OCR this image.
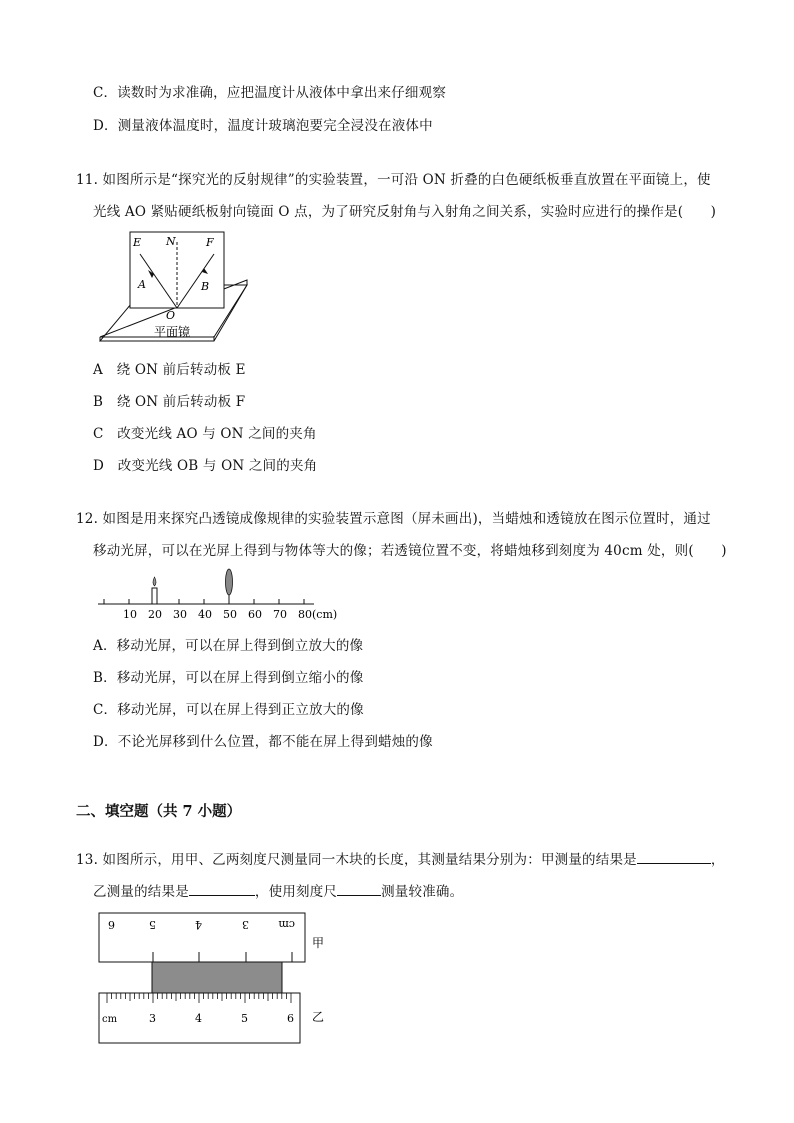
C．读数时为求准确，应把温度计从液体中拿出来仔细观察
D．测量液体温度时，温度计玻璃泡要完全浸没在液体中
11. 如图所示是“探究光的反射规律”的实验装置，一可沿 ON 折叠的白色硬纸板垂直放置在平面镜上，使
光线 AO 紧贴硬纸板射向镜面 O 点，为了研究反射角与入射角之间关系，实验时应进行的操作是(　　)
E N	F
A	B
O
平面镜
A　绕 ON 前后转动板 E
B　绕 ON 前后转动板 F
C　改变光线 AO 与 ON 之间的夹角
D　改变光线 OB 与 ON 之间的夹角
12. 如图是用来探究凸透镜成像规律的实验装置示意图（屏未画出)，当蜡烛和透镜放在图示位置时，通过
移动光屏，可以在光屏上得到与物体等大的像；若透镜位置不变，将蜡烛移到刻度为 40cm 处，则(　　)
10 20 30 40 50 60 70 80(cm)
A．移动光屏，可以在屏上得到倒立放大的像
B．移动光屏，可以在屏上得到倒立缩小的像
C．移动光屏，可以在屏上得到正立放大的像
D．不论光屏移到什么位置，都不能在屏上得到蜡烛的像
二、填空题（共 7 小题）
13. 如图所示，用甲、乙两刻度尺测量同一木块的长度，其测量结果分别为：甲测量的结果是	，
乙测量的结果是	，使用刻度尺	测量较准确。
6	5	4	3	cm
甲
cm	3	4	5	6 乙
